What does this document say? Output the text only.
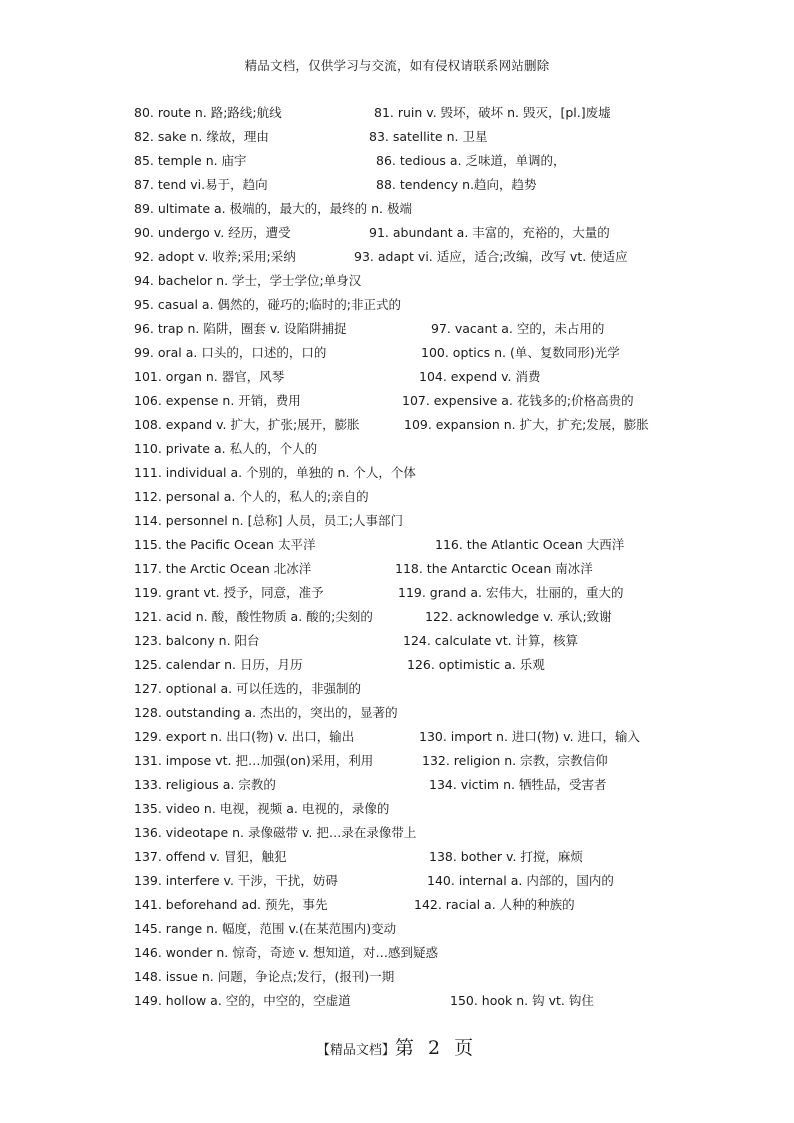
精品文档，仅供学习与交流，如有侵权请联系网站删除
80. route n. 路;路线;航线	81. ruin v. 毁坏，破坏 n. 毁灭，[pl.]废墟
82. sake n. 缘故，理由	83. satellite n. 卫星
85. temple n. 庙宇	86. tedious a. 乏味道，单调的，
87. tend vi.易于，趋向	88. tendency n.趋向，趋势
89. ultimate a. 极端的，最大的，最终的 n. 极端
90. undergo v. 经历，遭受	91. abundant a. 丰富的，充裕的，大量的
92. adopt v. 收养;采用;采纳	93. adapt vi. 适应，适合;改编，改写 vt. 使适应
94. bachelor n. 学士，学士学位;单身汉
95. casual a. 偶然的，碰巧的;临时的;非正式的
96. trap n. 陷阱，圈套 v. 设陷阱捕捉	97. vacant a. 空的，未占用的
99. oral a. 口头的，口述的，口的	100. optics n. (单、复数同形)光学
101. organ n. 器官，风琴	104. expend v. 消费
106. expense n. 开销，费用	107. expensive a. 花钱多的;价格高贵的
108. expand v. 扩大，扩张;展开，膨胀	109. expansion n. 扩大，扩充;发展，膨胀
110. private a. 私人的，个人的
111. individual a. 个别的，单独的 n. 个人，个体
112. personal a. 个人的，私人的;亲自的
114. personnel n. [总称] 人员，员工;人事部门
115. the Pacific Ocean 太平洋	116. the Atlantic Ocean 大西洋
117. the Arctic Ocean 北冰洋	118. the Antarctic Ocean 南冰洋
119. grant vt. 授予，同意，准予	119. grand a. 宏伟大，壮丽的，重大的
121. acid n. 酸，酸性物质 a. 酸的;尖刻的	122. acknowledge v. 承认;致谢
123. balcony n. 阳台	124. calculate vt. 计算，核算
125. calendar n. 日历，月历	126. optimistic a. 乐观
127. optional a. 可以任选的，非强制的
128. outstanding a. 杰出的，突出的，显著的
129. export n. 出口(物) v. 出口，输出	130. import n. 进口(物) v. 进口，输入
131. impose vt. 把…加强(on)采用，利用	132. religion n. 宗教，宗教信仰
133. religious a. 宗教的	134. victim n. 牺牲品，受害者
135. video n. 电视，视频 a. 电视的，录像的
136. videotape n. 录像磁带 v. 把…录在录像带上
137. offend v. 冒犯，触犯	138. bother v. 打搅，麻烦
139. interfere v. 干涉，干扰，妨碍	140. internal a. 内部的，国内的
141. beforehand ad. 预先，事先	142. racial a. 人种的种族的
145. range n. 幅度，范围 v.(在某范围内)变动
146. wonder n. 惊奇，奇迹 v. 想知道，对…感到疑惑
148. issue n. 问题，争论点;发行，(报刊)一期
149. hollow a. 空的，中空的，空虚道	150. hook n. 钩 vt. 钩住
【精品文档】第 2 页
